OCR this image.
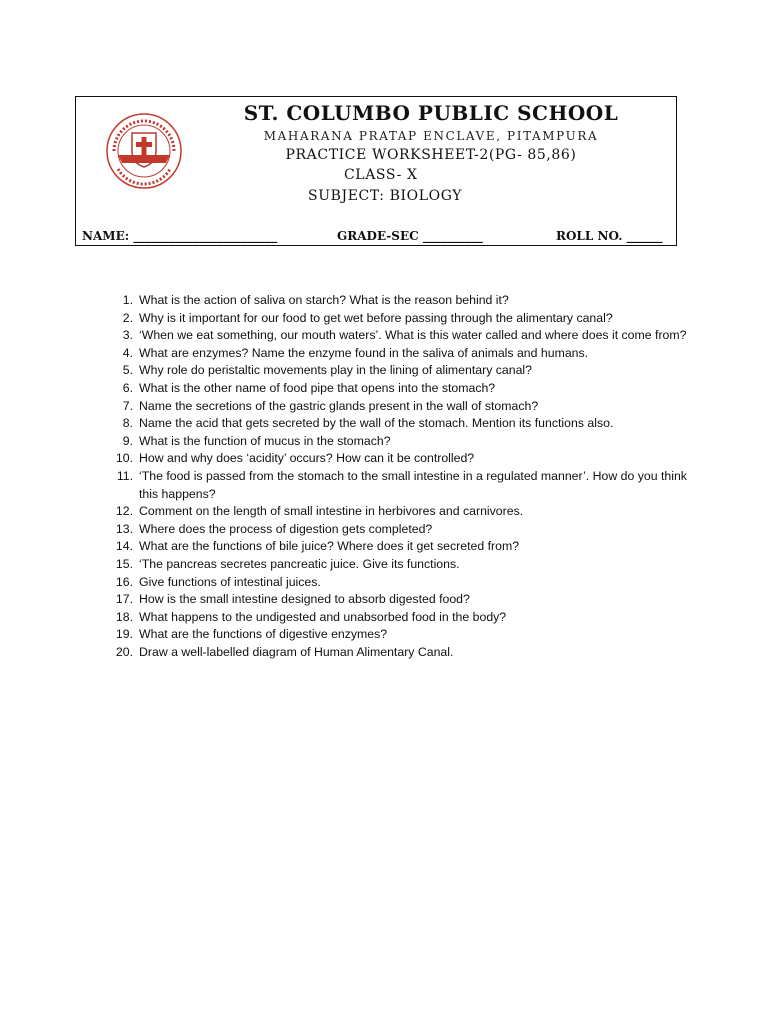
ST. COLUMBO PUBLIC SCHOOL
MAHARANA PRATAP ENCLAVE, PITAMPURA
PRACTICE WORKSHEET-2(PG- 85,86)
CLASS- X
SUBJECT: BIOLOGY
NAME: ________________________	GRADE-SEC __________	ROLL NO. ______
1. What is the action of saliva on starch? What is the reason behind it?
2. Why is it important for our food to get wet before passing through the alimentary canal?
3. ‘When we eat something, our mouth waters’. What is this water called and where does it come from?
4. What are enzymes? Name the enzyme found in the saliva of animals and humans.
5. Why role do peristaltic movements play in the lining of alimentary canal?
6. What is the other name of food pipe that opens into the stomach?
7. Name the secretions of the gastric glands present in the wall of stomach?
8. Name the acid that gets secreted by the wall of the stomach. Mention its functions also.
9. What is the function of mucus in the stomach?
10. How and why does ‘acidity’ occurs? How can it be controlled?
11. ‘The food is passed from the stomach to the small intestine in a regulated manner’. How do you think this happens?
12. Comment on the length of small intestine in herbivores and carnivores.
13. Where does the process of digestion gets completed?
14. What are the functions of bile juice? Where does it get secreted from?
15. ‘The pancreas secretes pancreatic juice. Give its functions.
16. Give functions of intestinal juices.
17. How is the small intestine designed to absorb digested food?
18. What happens to the undigested and unabsorbed food in the body?
19. What are the functions of digestive enzymes?
20. Draw a well-labelled diagram of Human Alimentary Canal.
